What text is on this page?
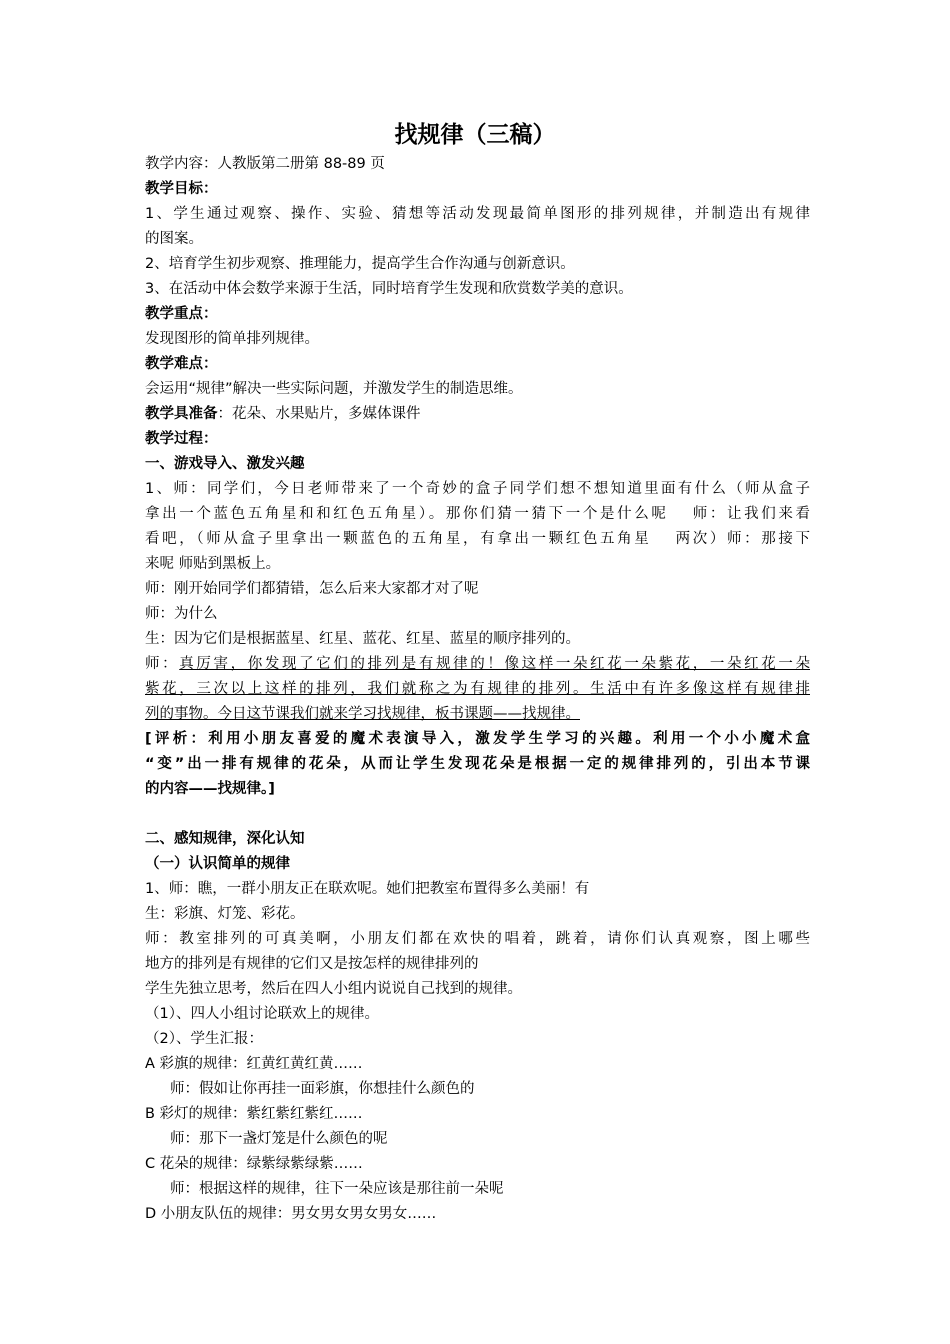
找规律（三稿）
教学内容：人教版第二册第 88-89 页
教学目标：
1、学生通过观察、操作、实验、猜想等活动发现最简单图形的排列规律，并制造出有规律
的图案。
2、培育学生初步观察、推理能力，提高学生合作沟通与创新意识。
3、在活动中体会数学来源于生活，同时培育学生发现和欣赏数学美的意识。
教学重点：
发现图形的简单排列规律。
教学难点：
会运用“规律”解决一些实际问题，并激发学生的制造思维。
教学具准备：花朵、水果贴片，多媒体课件
教学过程：
一、游戏导入、激发兴趣
1、师：同学们，今日老师带来了一个奇妙的盒子同学们想不想知道里面有什么（师从盒子
拿出一个蓝色五角星和和红色五角星）。那你们猜一猜下一个是什么呢 　师：让我们来看
看吧，（师从盒子里拿出一颗蓝色的五角星，有拿出一颗红色五角星 　两次）师：那接下
来呢 师贴到黑板上。
师：刚开始同学们都猜错，怎么后来大家都才对了呢
师：为什么
生：因为它们是根据蓝星、红星、蓝花、红星、蓝星的顺序排列的。
师：真厉害，你发现了它们的排列是有规律的！像这样一朵红花一朵紫花，一朵红花一朵
紫花，三次以上这样的排列，我们就称之为有规律的排列。生活中有许多像这样有规律排
列的事物。今日这节课我们就来学习找规律，板书课题——找规律。
[评析：利用小朋友喜爱的魔术表演导入，激发学生学习的兴趣。利用一个小小魔术盒
“变”出一排有规律的花朵，从而让学生发现花朵是根据一定的规律排列的，引出本节课
的内容——找规律。]
二、感知规律，深化认知
（一）认识简单的规律
1、师：瞧，一群小朋友正在联欢呢。她们把教室布置得多么美丽！有
生：彩旗、灯笼、彩花。
师：教室排列的可真美啊，小朋友们都在欢快的唱着，跳着，请你们认真观察，图上哪些
地方的排列是有规律的它们又是按怎样的规律排列的
学生先独立思考，然后在四人小组内说说自己找到的规律。
（1）、四人小组讨论联欢上的规律。
（2）、学生汇报：
A 彩旗的规律：红黄红黄红黄……
师：假如让你再挂一面彩旗，你想挂什么颜色的
B 彩灯的规律：紫红紫红紫红……
师：那下一盏灯笼是什么颜色的呢
C 花朵的规律：绿紫绿紫绿紫……
师：根据这样的规律，往下一朵应该是那往前一朵呢
D 小朋友队伍的规律：男女男女男女男女……
